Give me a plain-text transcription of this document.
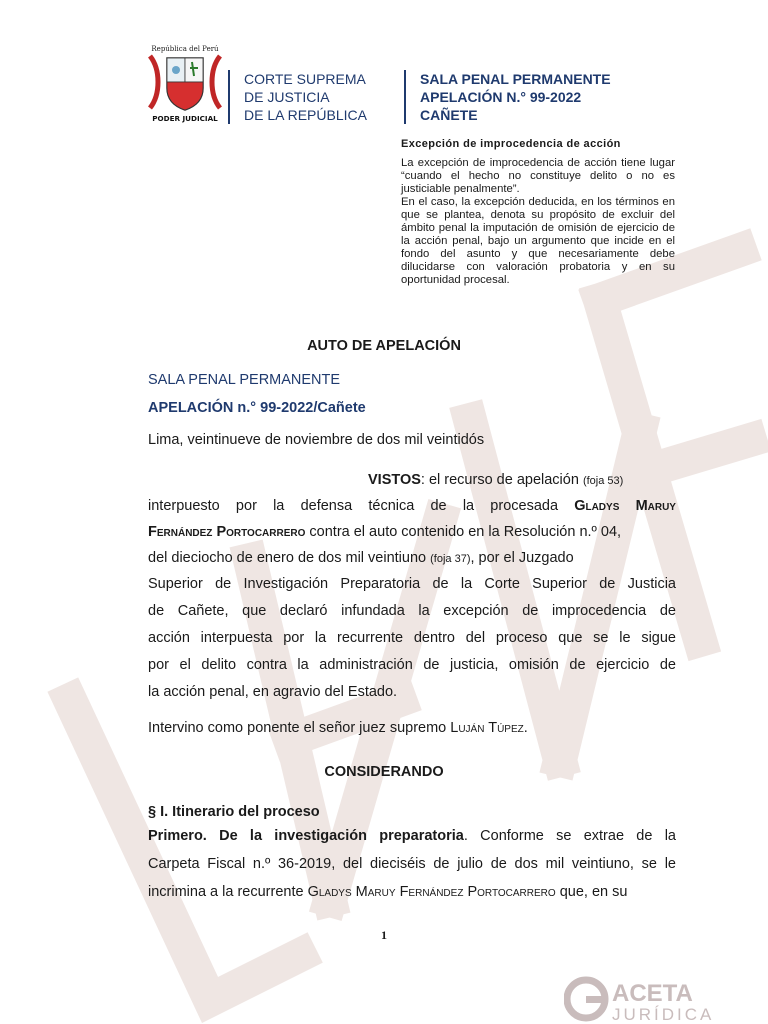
República del Perú
PODER JUDICIAL
CORTE SUPREMA
DE JUSTICIA
DE LA REPÚBLICA
SALA PENAL PERMANENTE
APELACIÓN N.° 99-2022
CAÑETE
Excepción de improcedencia de acción

La excepción de improcedencia de acción tiene lugar “cuando el hecho no constituye delito o no es justiciable penalmente”.

En el caso, la excepción deducida, en los términos en que se plantea, denota su propósito de excluir del ámbito penal la imputación de omisión de ejercicio de la acción penal, bajo un argumento que incide en el fondo del asunto y que necesariamente debe dilucidarse con valoración probatoria y en su oportunidad procesal.

AUTO DE APELACIÓN
SALA PENAL PERMANENTE
APELACIÓN n.° 99-2022/Cañete
Lima, veintinueve de noviembre de dos mil veintidós
VISTOS: el recurso de apelación (foja 53)
interpuesto por la defensa técnica de la procesada Gladys Maruy
Fernández Portocarrero contra el auto contenido en la Resolución n.º 04,
del dieciocho de enero de dos mil veintiuno (foja 37), por el Juzgado
Superior de Investigación Preparatoria de la Corte Superior de Justicia
de Cañete, que declaró infundada la excepción de improcedencia de
acción interpuesta por la recurrente dentro del proceso que se le sigue
por el delito contra la administración de justicia, omisión de ejercicio de
la acción penal, en agravio del Estado.
Intervino como ponente el señor juez supremo Luján Túpez.
CONSIDERANDO
§ I. Itinerario del proceso
Primero. De la investigación preparatoria. Conforme se extrae de la
Carpeta Fiscal n.º 36-2019, del dieciséis de julio de dos mil veintiuno, se le
incrimina a la recurrente Gladys Maruy Fernández Portocarrero que, en su
1
ACETA
JURÍDICA
